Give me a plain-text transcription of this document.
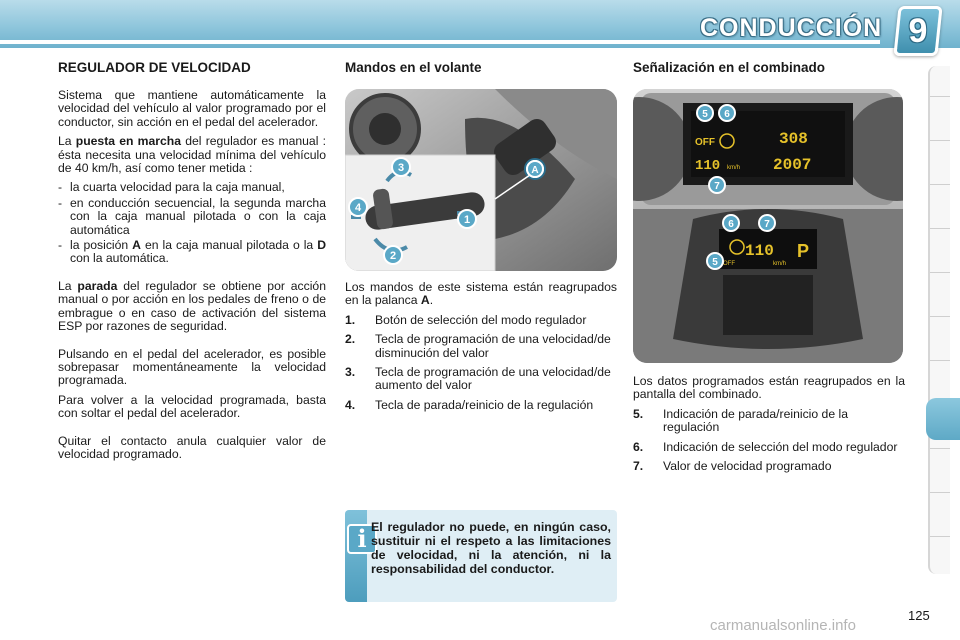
CONDUCCIÓN 9
REGULADOR DE VELOCIDAD

Sistema que mantiene automáticamente la velocidad del vehículo al valor programado por el conductor, sin acción en el pedal del acelerador.

La puesta en marcha del regulador es manual : ésta necesita una velocidad mínima del vehículo de 40 km/h, así como tener metida :

- la cuarta velocidad para la caja manual,
- en conducción secuencial, la segunda marcha con la caja manual pilotada o con la caja automática
- la posición A en la caja manual pilotada o la D con la automática.

La parada del regulador se obtiene por acción manual o por acción en los pedales de freno o de embrague o en caso de activación del sistema ESP por razones de seguridad.

Pulsando en el pedal del acelerador, es posible sobrepasar momentáneamente la velocidad programada.

Para volver a la velocidad programada, basta con soltar el pedal del acelerador.

Quitar el contacto anula cualquier valor de velocidad programado.

Mandos en el volante
3
4
1
2
A

Los mandos de este sistema están reagrupados en la palanca A.

1.	Botón de selección del modo regulador
2.	Tecla de programación de una velocidad/de disminución del valor
3.	Tecla de programación de una velocidad/de aumento del valor
4.	Tecla de parada/reinicio de la regulación
Señalización en el combinado
OFF
110 km/h
308
2007
OFF
110
km/h
P
5 6
7
6	7
5

Los datos programados están reagrupados en la pantalla del combinado.

5.	Indicación de parada/reinicio de la regulación
6.	Indicación de selección del modo regulador
7.	Valor de velocidad programado
i El regulador no puede, en ningún caso, sustituir ni el respeto a las limitaciones de velocidad, ni la atención, ni la responsabilidad del conductor.
125
carmanualsonline.info
